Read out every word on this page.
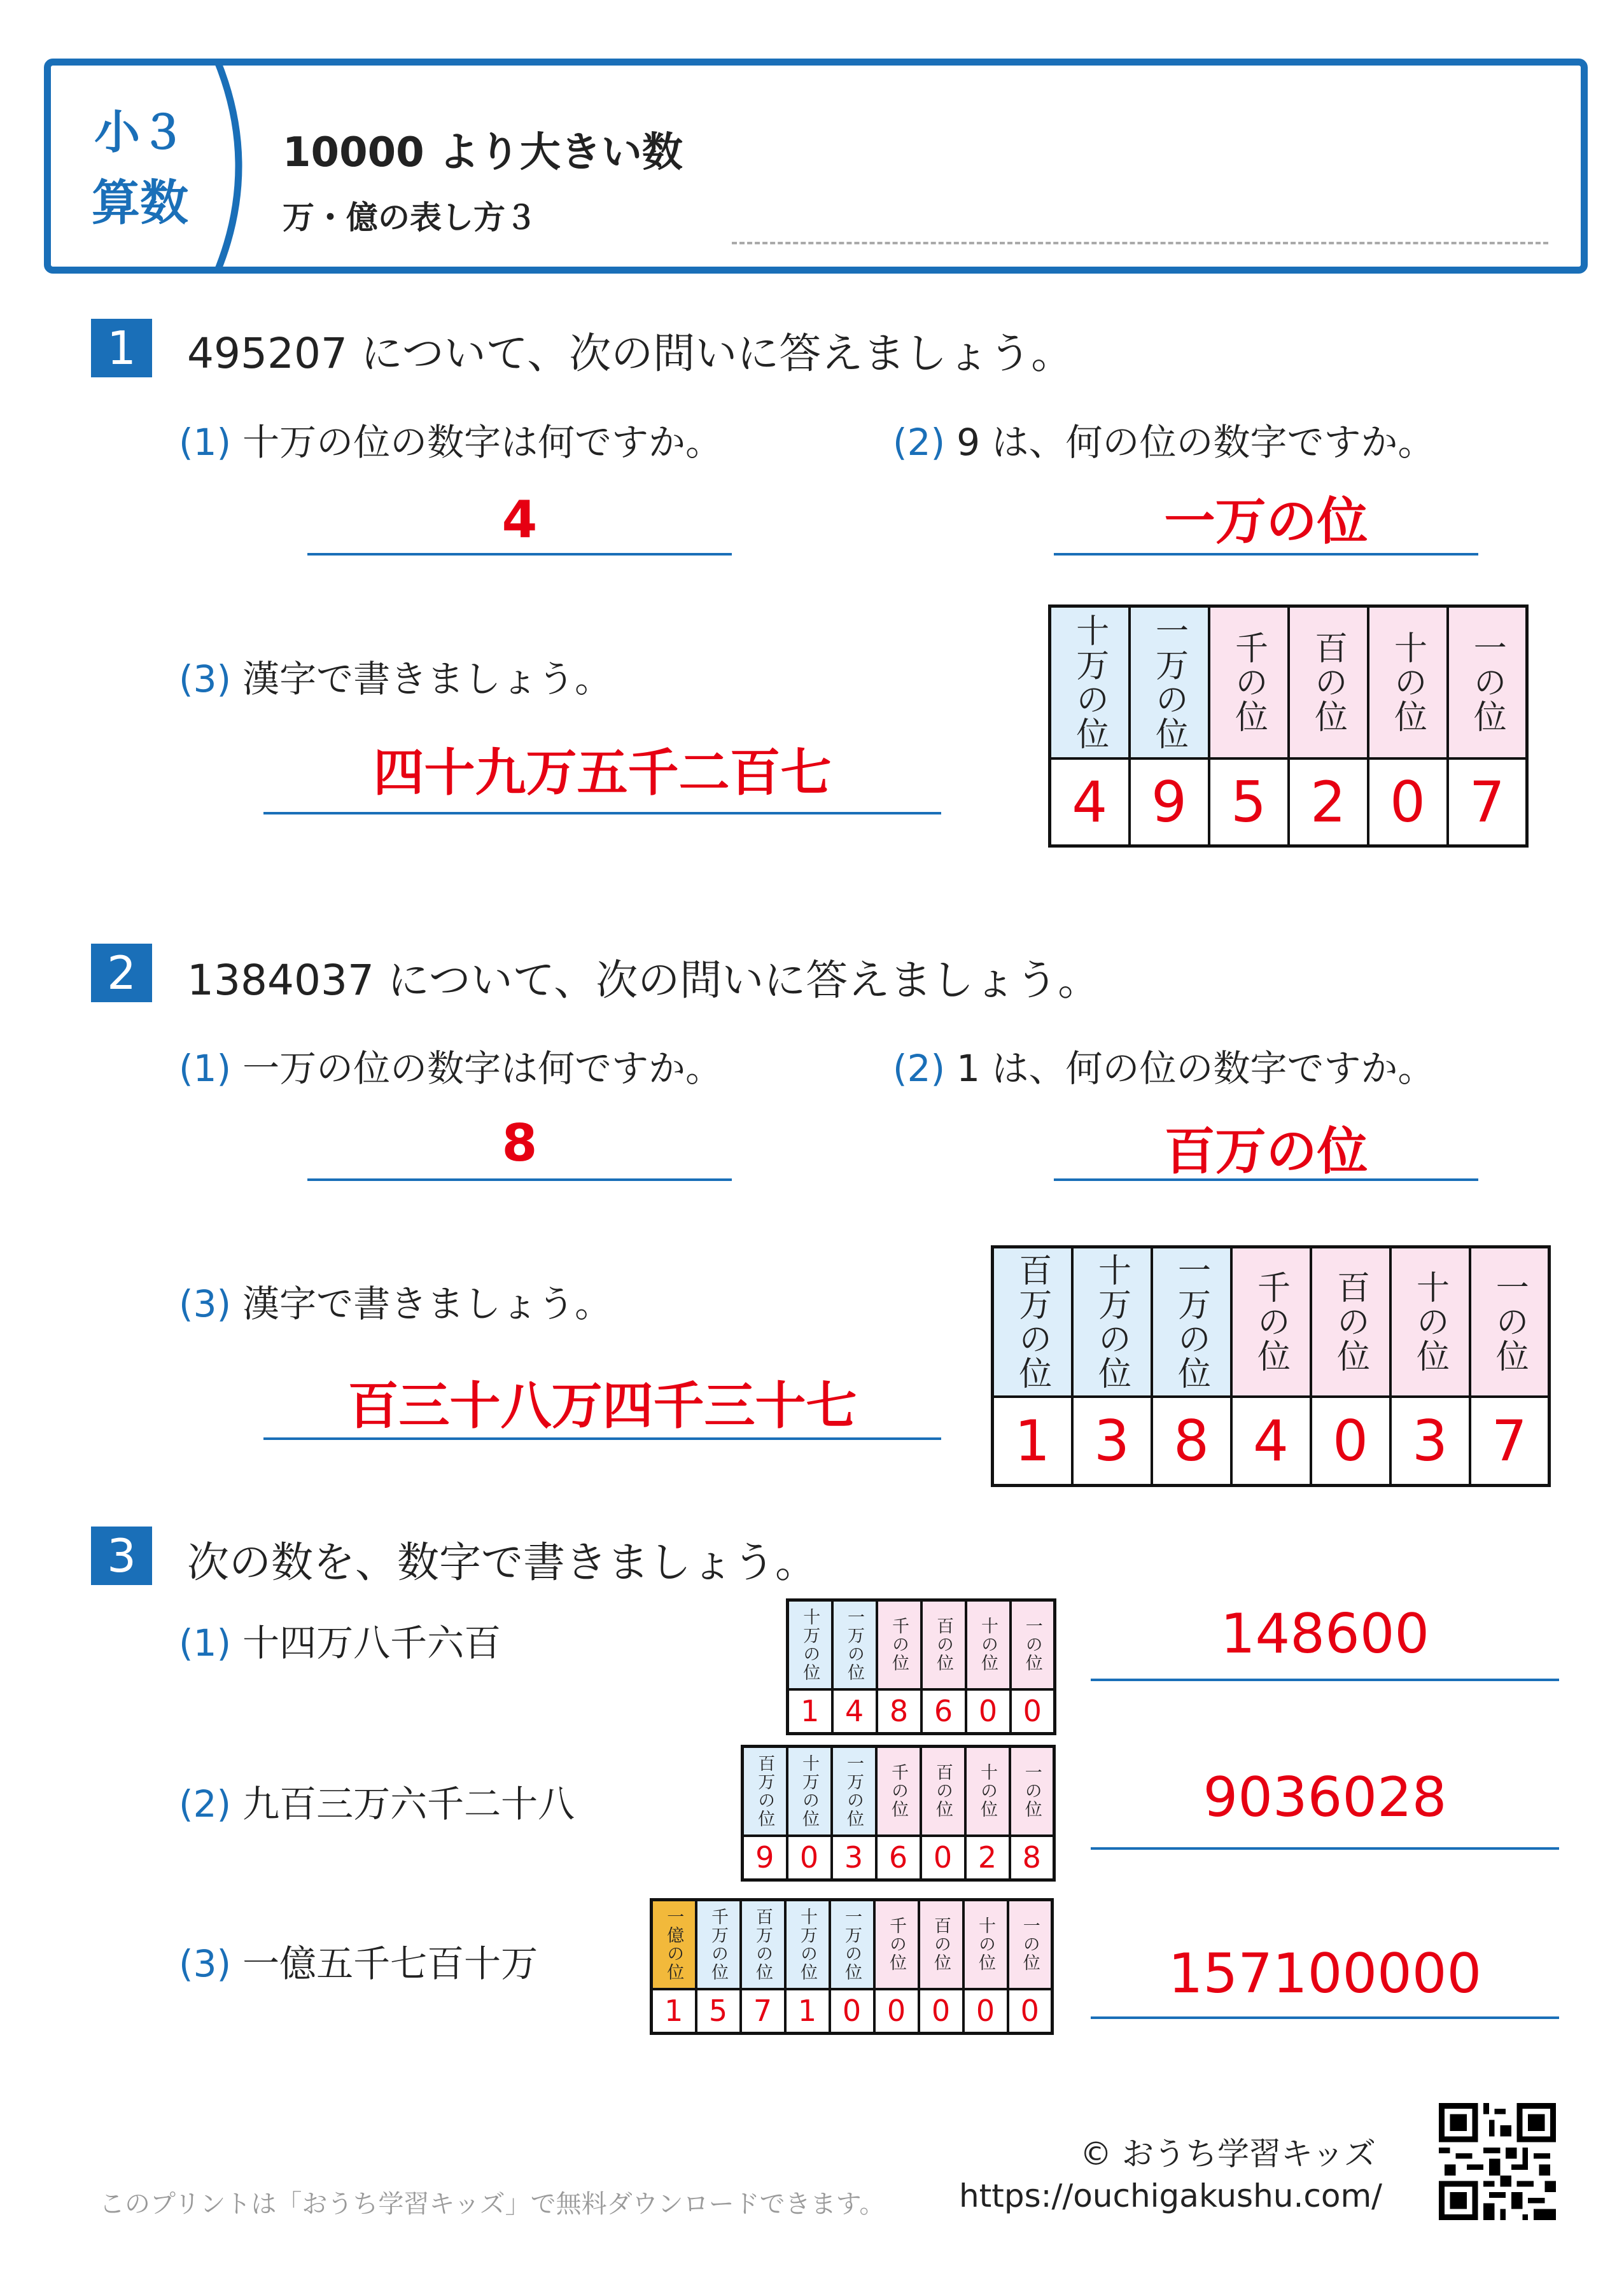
小３
算数
10000 より大きい数
万・億の表し方３
1	495207 について、次の問いに答えましょう。
(1) 十万の位の数字は何ですか。	(2) 9 は、何の位の数字ですか。
4	一万の位
(3) 漢字で書きましょう。
四十九万五千二百七
十万の位	一万の位	千の位	百の位	十の位	一の位
4	9	5	2	0	7
2	1384037 について、次の問いに答えましょう。
(1) 一万の位の数字は何ですか。	(2) 1 は、何の位の数字ですか。
8	百万の位
(3) 漢字で書きましょう。
百三十八万四千三十七
百万の位	十万の位	一万の位	千の位	百の位	十の位	一の位
1	3	8	4	0	3	7
3	次の数を、数字で書きましょう。
(1) 十四万八千六百	十万の位	一万の位	千の位	百の位	十の位	一の位
1	4	8	6	0	0
148600
(2) 九百三万六千二十八	百万の位	十万の位	一万の位	千の位	百の位	十の位	一の位
9	0	3	6	0	2	8
9036028
(3) 一億五千七百十万	一億の位	千万の位	百万の位	十万の位	一万の位	千の位	百の位	十の位	一の位
1	5	7	1	0	0	0	0	0
157100000
このプリントは「おうち学習キッズ」で無料ダウンロードできます。
© おうち学習キッズ
https://ouchigakushu.com/
